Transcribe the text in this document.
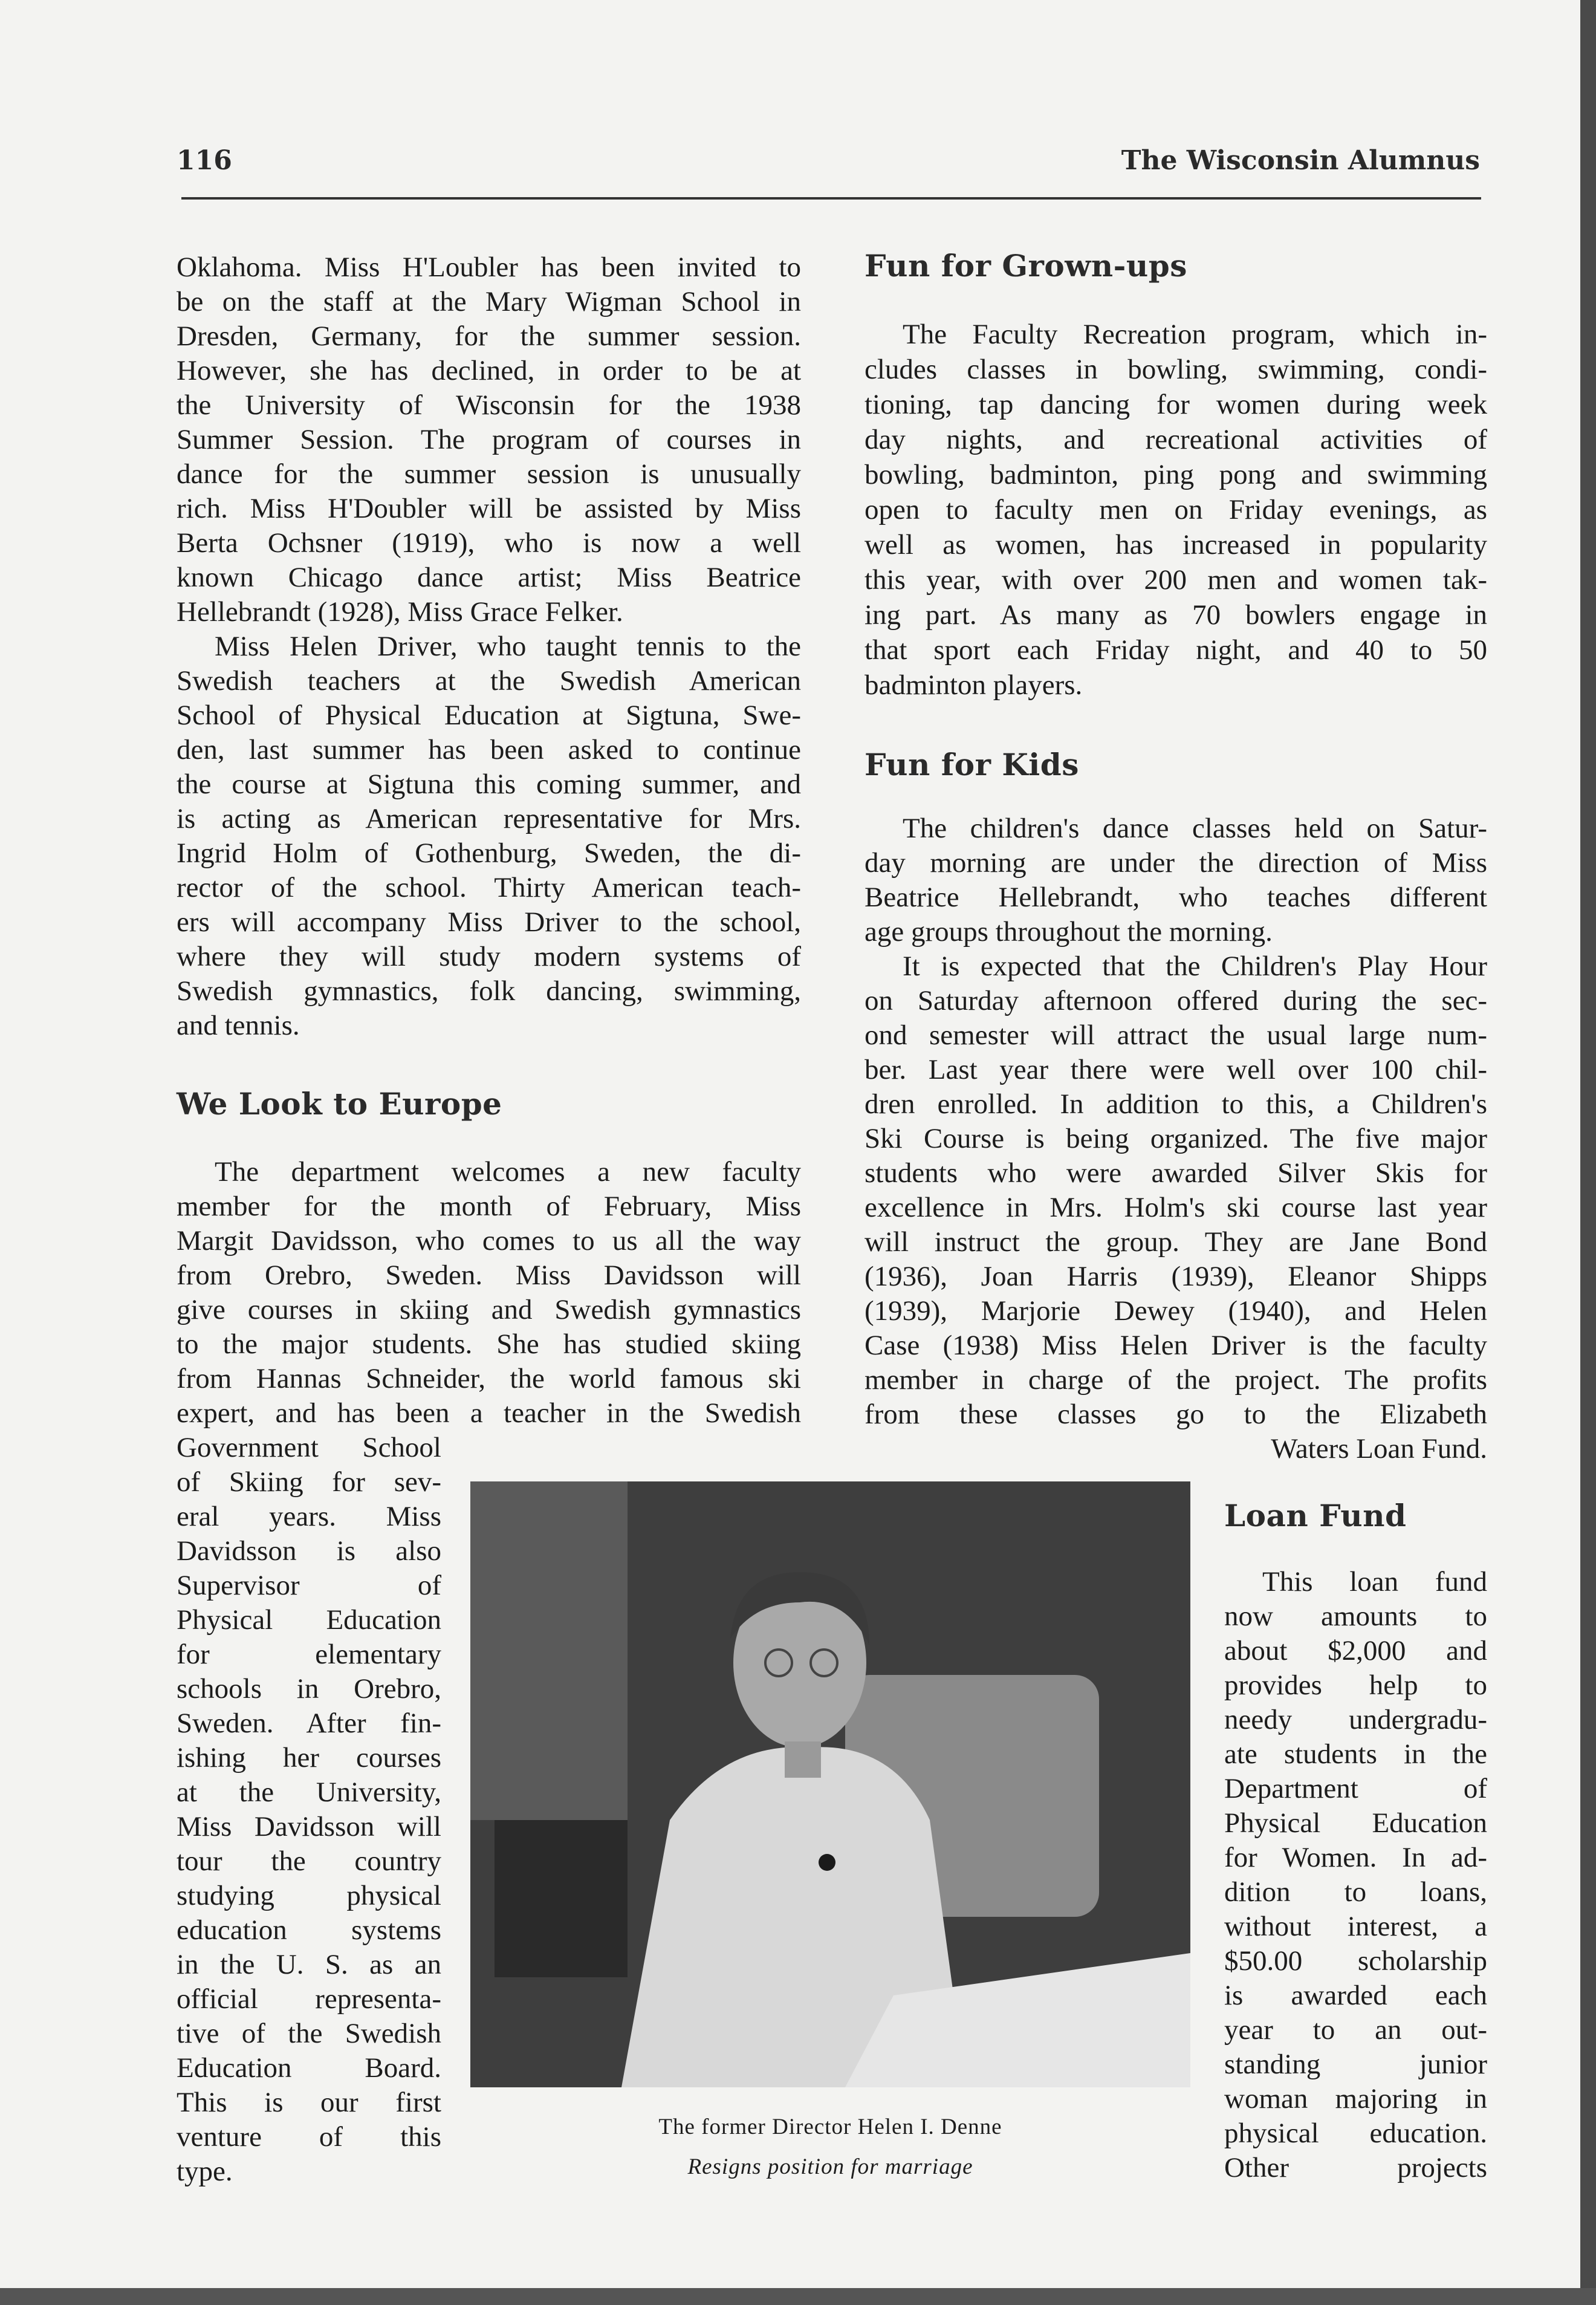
116	The Wisconsin Alumnus
Oklahoma. Miss H'Loubler has been invited to
be on the staff at the Mary Wigman School in
Dresden, Germany, for the summer session.
However, she has declined, in order to be at
the University of Wisconsin for the 1938
Summer Session. The program of courses in
dance for the summer session is unusually
rich. Miss H'Doubler will be assisted by Miss
Berta Ochsner (1919), who is now a well
known Chicago dance artist; Miss Beatrice
Hellebrandt (1928), Miss Grace Felker.
Miss Helen Driver, who taught tennis to the
Swedish teachers at the Swedish American
School of Physical Education at Sigtuna, Swe-
den, last summer has been asked to continue
the course at Sigtuna this coming summer, and
is acting as American representative for Mrs.
Ingrid Holm of Gothenburg, Sweden, the di-
rector of the school. Thirty American teach-
ers will accompany Miss Driver to the school,
where they will study modern systems of
Swedish gymnastics, folk dancing, swimming,
and tennis.
We Look to Europe
The department welcomes a new faculty
member for the month of February, Miss
Margit Davidsson, who comes to us all the way
from Orebro, Sweden. Miss Davidsson will
give courses in skiing and Swedish gymnastics
to the major students. She has studied skiing
from Hannas Schneider, the world famous ski
expert, and has been a teacher in the Swedish
Government School
of Skiing for sev-
eral years. Miss
Davidsson is also
Supervisor of
Physical Education
for elementary
schools in Orebro,
Sweden. After fin-
ishing her courses
at the University,
Miss Davidsson will
tour the country
studying physical
education systems
in the U. S. as an
official representa-
tive of the Swedish
Education Board.
This is our first
venture of this
type.
The former Director Helen I. Denne
Resigns position for marriage
Fun for Grown-ups
The Faculty Recreation program, which in-
cludes classes in bowling, swimming, condi-
tioning, tap dancing for women during week
day nights, and recreational activities of
bowling, badminton, ping pong and swimming
open to faculty men on Friday evenings, as
well as women, has increased in popularity
this year, with over 200 men and women tak-
ing part. As many as 70 bowlers engage in
that sport each Friday night, and 40 to 50
badminton players.
Fun for Kids
The children's dance classes held on Satur-
day morning are under the direction of Miss
Beatrice Hellebrandt, who teaches different
age groups throughout the morning.
It is expected that the Children's Play Hour
on Saturday afternoon offered during the sec-
ond semester will attract the usual large num-
ber. Last year there were well over 100 chil-
dren enrolled. In addition to this, a Children's
Ski Course is being organized. The five major
students who were awarded Silver Skis for
excellence in Mrs. Holm's ski course last year
will instruct the group. They are Jane Bond
(1936), Joan Harris (1939), Eleanor Shipps
(1939), Marjorie Dewey (1940), and Helen
Case (1938) Miss Helen Driver is the faculty
member in charge of the project. The profits
from these classes go to the Elizabeth
Waters Loan Fund.
Loan Fund
This loan fund
now amounts to
about $2,000 and
provides help to
needy undergradu-
ate students in the
Department of
Physical Education
for Women. In ad-
dition to loans,
without interest, a
$50.00 scholarship
is awarded each
year to an out-
standing junior
woman majoring in
physical education.
Other projects
